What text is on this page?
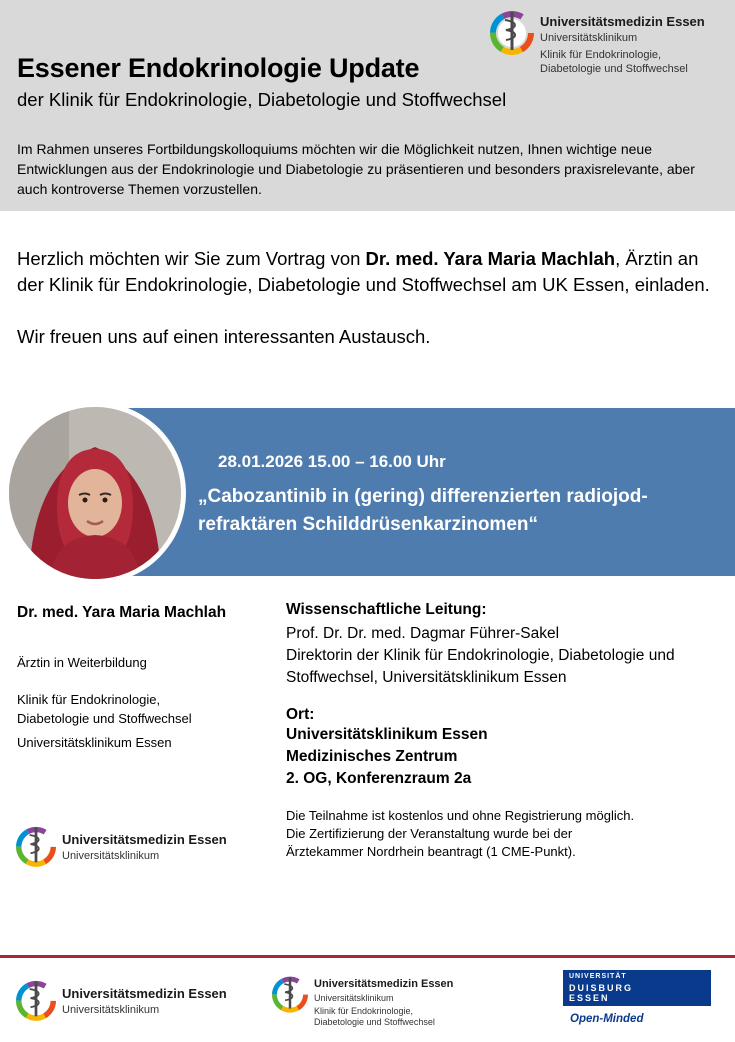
Essener Endokrinologie Update
der Klinik für Endokrinologie, Diabetologie und Stoffwechsel
Im Rahmen unseres Fortbildungskolloquiums möchten wir die Möglichkeit nutzen, Ihnen wichtige neue Entwicklungen aus der Endokrinologie und Diabetologie zu präsentieren und besonders praxisrelevante, aber auch kontroverse Themen vorzustellen.
Universitätsmedizin Essen
Universitätsklinikum
Klinik für Endokrinologie,
Diabetologie und Stoffwechsel
Herzlich möchten wir Sie zum Vortrag von Dr. med. Yara Maria Machlah, Ärztin an der Klinik für Endokrinologie, Diabetologie und Stoffwechsel am UK Essen, einladen.
Wir freuen uns auf einen interessanten Austausch.
28.01.2026 15.00 – 16.00 Uhr
„Cabozantinib in (gering) differenzierten radiojod-refraktären Schilddrüsenkarzinomen“
Dr. med. Yara Maria Machlah
Ärztin in Weiterbildung
Klinik für Endokrinologie,
Diabetologie und Stoffwechsel
Universitätsklinikum Essen
Wissenschaftliche Leitung:
Prof. Dr. Dr. med. Dagmar Führer-Sakel
Direktorin der Klinik für Endokrinologie, Diabetologie und Stoffwechsel, Universitätsklinikum Essen
Ort:
Universitätsklinikum Essen
Medizinisches Zentrum
2. OG, Konferenzraum 2a
Die Teilnahme ist kostenlos und ohne Registrierung möglich.
Die Zertifizierung der Veranstaltung wurde bei der
Ärztekammer Nordrhein beantragt (1 CME-Punkt).
Universitätsmedizin Essen
Universitätsklinikum
Universitätsmedizin Essen
Universitätsklinikum
Universitätsmedizin Essen
Universitätsklinikum
Klinik für Endokrinologie,
Diabetologie und Stoffwechsel
UNIVERSITÄT
DUISBURG
ESSEN
Open-Minded
